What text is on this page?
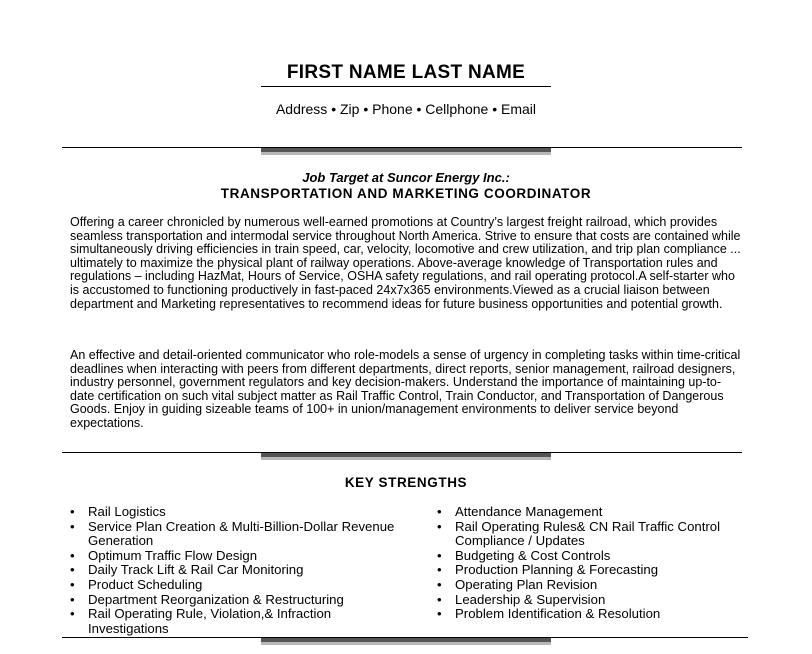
FIRST NAME LAST NAME
Address • Zip • Phone • Cellphone • Email
Job Target at Suncor Energy Inc.:
TRANSPORTATION AND MARKETING COORDINATOR
Offering a career chronicled by numerous well-earned promotions at Country’s largest freight railroad, which provides seamless transportation and intermodal service throughout North America. Strive to ensure that costs are contained while simultaneously driving efficiencies in train speed, car, velocity, locomotive and crew utilization, and trip plan compliance ... ultimately to maximize the physical plant of railway operations. Above-average knowledge of Transportation rules and regulations – including HazMat, Hours of Service, OSHA safety regulations, and rail operating protocol.A self-starter who is accustomed to functioning productively in fast-paced 24x7x365 environments.Viewed as a crucial liaison between department and Marketing representatives to recommend ideas for future business opportunities and potential growth.
An effective and detail-oriented communicator who role-models a sense of urgency in completing tasks within time-critical deadlines when interacting with peers from different departments, direct reports, senior management, railroad designers, industry personnel, government regulators and key decision-makers. Understand the importance of maintaining up-to-date certification on such vital subject matter as Rail Traffic Control, Train Conductor, and Transportation of Dangerous Goods. Enjoy in guiding sizeable teams of 100+ in union/management environments to deliver service beyond expectations.
KEY STRENGTHS
• Rail Logistics
• Service Plan Creation & Multi-Billion-Dollar Revenue Generation
• Optimum Traffic Flow Design
• Daily Track Lift & Rail Car Monitoring
• Product Scheduling
• Department Reorganization & Restructuring
• Rail Operating Rule, Violation,& Infraction Investigations
• Attendance Management
• Rail Operating Rules& CN Rail Traffic Control Compliance / Updates
• Budgeting & Cost Controls
• Production Planning & Forecasting
• Operating Plan Revision
• Leadership & Supervision
• Problem Identification & Resolution
